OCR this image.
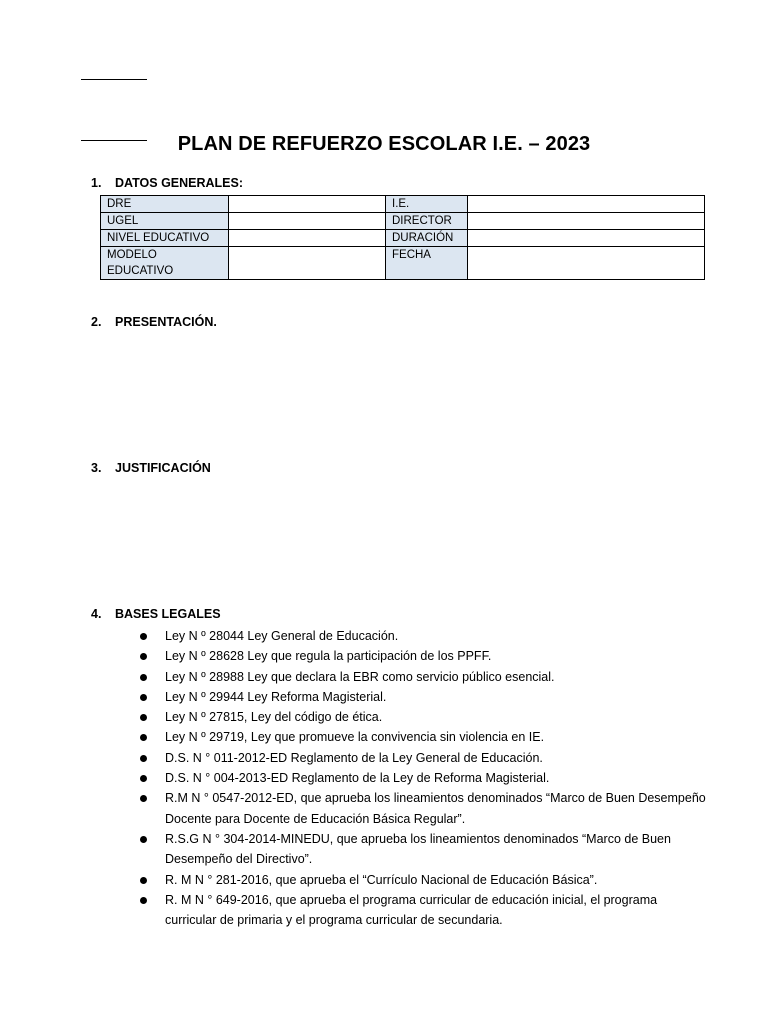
PLAN DE REFUERZO ESCOLAR I.E. – 2023
1. DATOS GENERALES:
DRE		I.E.	
UGEL		DIRECTOR	
NIVEL EDUCATIVO		DURACIÓN	
MODELO EDUCATIVO		FECHA	
2. PRESENTACIÓN.
3. JUSTIFICACIÓN
4. BASES LEGALES
Ley N º 28044 Ley General de Educación.
Ley N º 28628 Ley que regula la participación de los PPFF.
Ley N º 28988 Ley que declara la EBR como servicio público esencial.
Ley N º 29944 Ley Reforma Magisterial.
Ley N º 27815, Ley del código de ética.
Ley N º 29719, Ley que promueve la convivencia sin violencia en IE.
D.S. N ° 011-2012-ED Reglamento de la Ley General de Educación.
D.S. N ° 004-2013-ED Reglamento de la Ley de Reforma Magisterial.
R.M N ° 0547-2012-ED, que aprueba los lineamientos denominados “Marco de Buen Desempeño Docente para Docente de Educación Básica Regular”.
R.S.G N ° 304-2014-MINEDU, que aprueba los lineamientos denominados “Marco de Buen Desempeño del Directivo”.
R. M N ° 281-2016, que aprueba el “Currículo Nacional de Educación Básica”.
R. M N ° 649-2016, que aprueba el programa curricular de educación inicial, el programa curricular de primaria y el programa curricular de secundaria.
